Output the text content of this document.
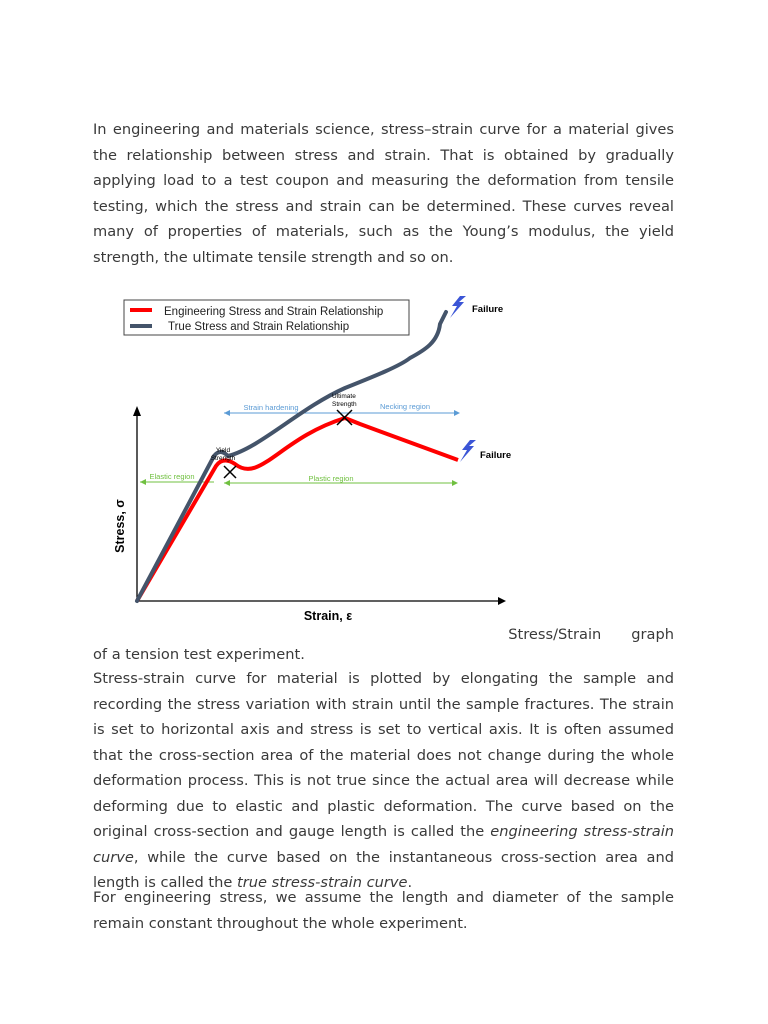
In engineering and materials science, stress–strain curve for a material gives the relationship between stress and strain. That is obtained by gradually applying load to a test coupon and measuring the deformation from tensile testing, which the stress and strain can be determined. These curves reveal many of properties of materials, such as the Young’s modulus, the yield strength, the ultimate tensile strength and so on.

Engineering Stress and Strain Relationship
True Stress and Strain Relationship
Stress, σ
Strain, ε
Strain hardening	Necking region
Elastic region	Plastic region
Yield
Strength
Ultimate
Strength
Failure
Failure
Stress/Strain graph
of a tension test experiment.

Stress-strain curve for material is plotted by elongating the sample and recording the stress variation with strain until the sample fractures. The strain is set to horizontal axis and stress is set to vertical axis. It is often assumed that the cross-section area of the material does not change during the whole deformation process. This is not true since the actual area will decrease while deforming due to elastic and plastic deformation. The curve based on the original cross-section and gauge length is called the engineering stress-strain curve, while the curve based on the instantaneous cross-section area and length is called the true stress-strain curve.

For engineering stress, we assume the length and diameter of the sample remain constant throughout the whole experiment.
